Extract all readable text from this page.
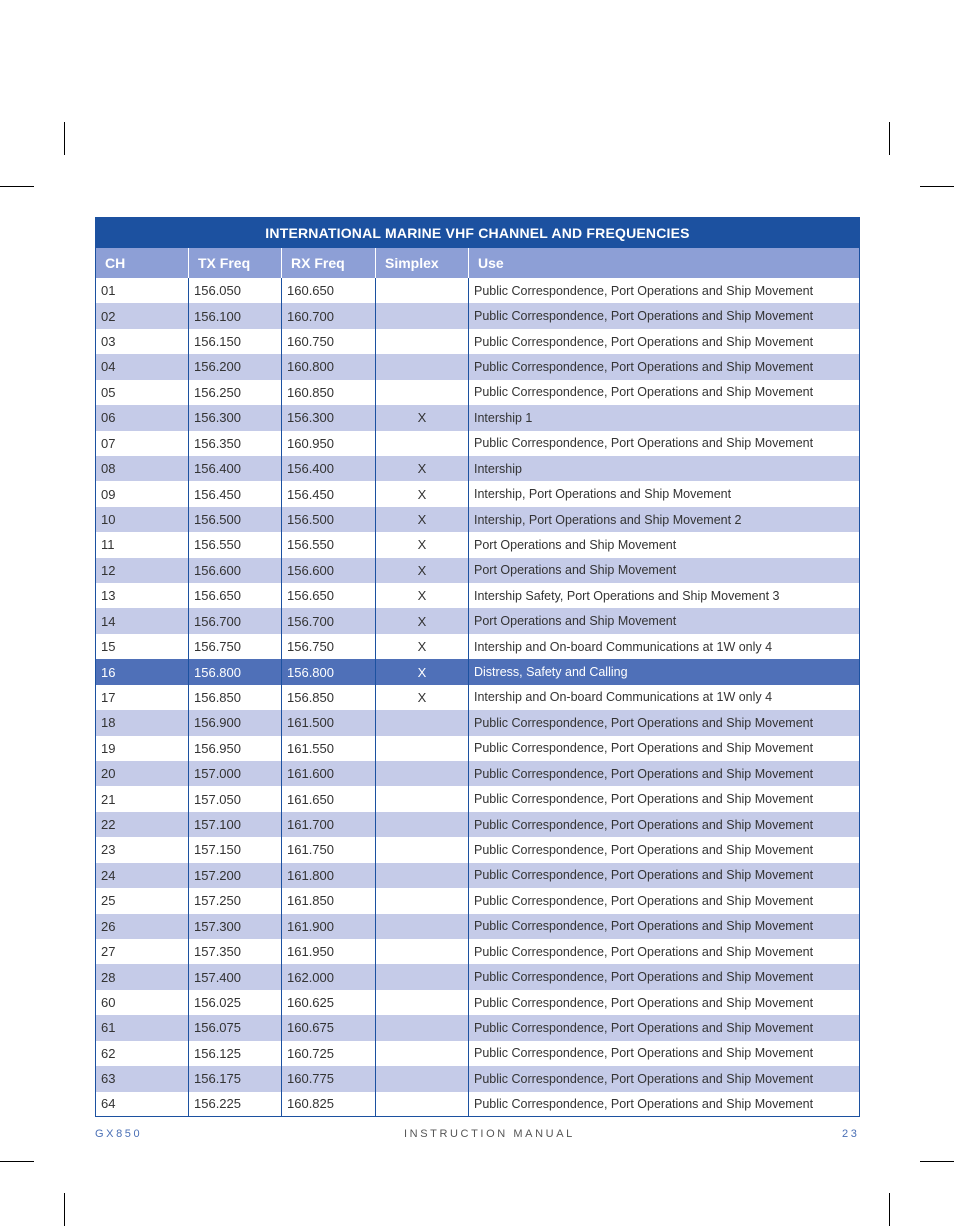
INTERNATIONAL MARINE VHF CHANNEL AND FREQUENCIES				
CH	TX Freq	RX Freq	Simplex	Use
01	156.050	160.650		Public Correspondence, Port Operations and Ship Movement
02	156.100	160.700		Public Correspondence, Port Operations and Ship Movement
03	156.150	160.750		Public Correspondence, Port Operations and Ship Movement
04	156.200	160.800		Public Correspondence, Port Operations and Ship Movement
05	156.250	160.850		Public Correspondence, Port Operations and Ship Movement
06	156.300	156.300	X	Intership 1
07	156.350	160.950		Public Correspondence, Port Operations and Ship Movement
08	156.400	156.400	X	Intership
09	156.450	156.450	X	Intership, Port Operations and Ship Movement
10	156.500	156.500	X	Intership, Port Operations and Ship Movement 2
11	156.550	156.550	X	Port Operations and Ship Movement
12	156.600	156.600	X	Port Operations and Ship Movement
13	156.650	156.650	X	Intership Safety, Port Operations and Ship Movement 3
14	156.700	156.700	X	Port Operations and Ship Movement
15	156.750	156.750	X	Intership and On-board Communications at 1W only 4
16	156.800	156.800	X	Distress, Safety and Calling
17	156.850	156.850	X	Intership and On-board Communications at 1W only 4
18	156.900	161.500		Public Correspondence, Port Operations and Ship Movement
19	156.950	161.550		Public Correspondence, Port Operations and Ship Movement
20	157.000	161.600		Public Correspondence, Port Operations and Ship Movement
21	157.050	161.650		Public Correspondence, Port Operations and Ship Movement
22	157.100	161.700		Public Correspondence, Port Operations and Ship Movement
23	157.150	161.750		Public Correspondence, Port Operations and Ship Movement
24	157.200	161.800		Public Correspondence, Port Operations and Ship Movement
25	157.250	161.850		Public Correspondence, Port Operations and Ship Movement
26	157.300	161.900		Public Correspondence, Port Operations and Ship Movement
27	157.350	161.950		Public Correspondence, Port Operations and Ship Movement
28	157.400	162.000		Public Correspondence, Port Operations and Ship Movement
60	156.025	160.625		Public Correspondence, Port Operations and Ship Movement
61	156.075	160.675		Public Correspondence, Port Operations and Ship Movement
62	156.125	160.725		Public Correspondence, Port Operations and Ship Movement
63	156.175	160.775		Public Correspondence, Port Operations and Ship Movement
64	156.225	160.825		Public Correspondence, Port Operations and Ship Movement
GX850	INSTRUCTION MANUAL	23
